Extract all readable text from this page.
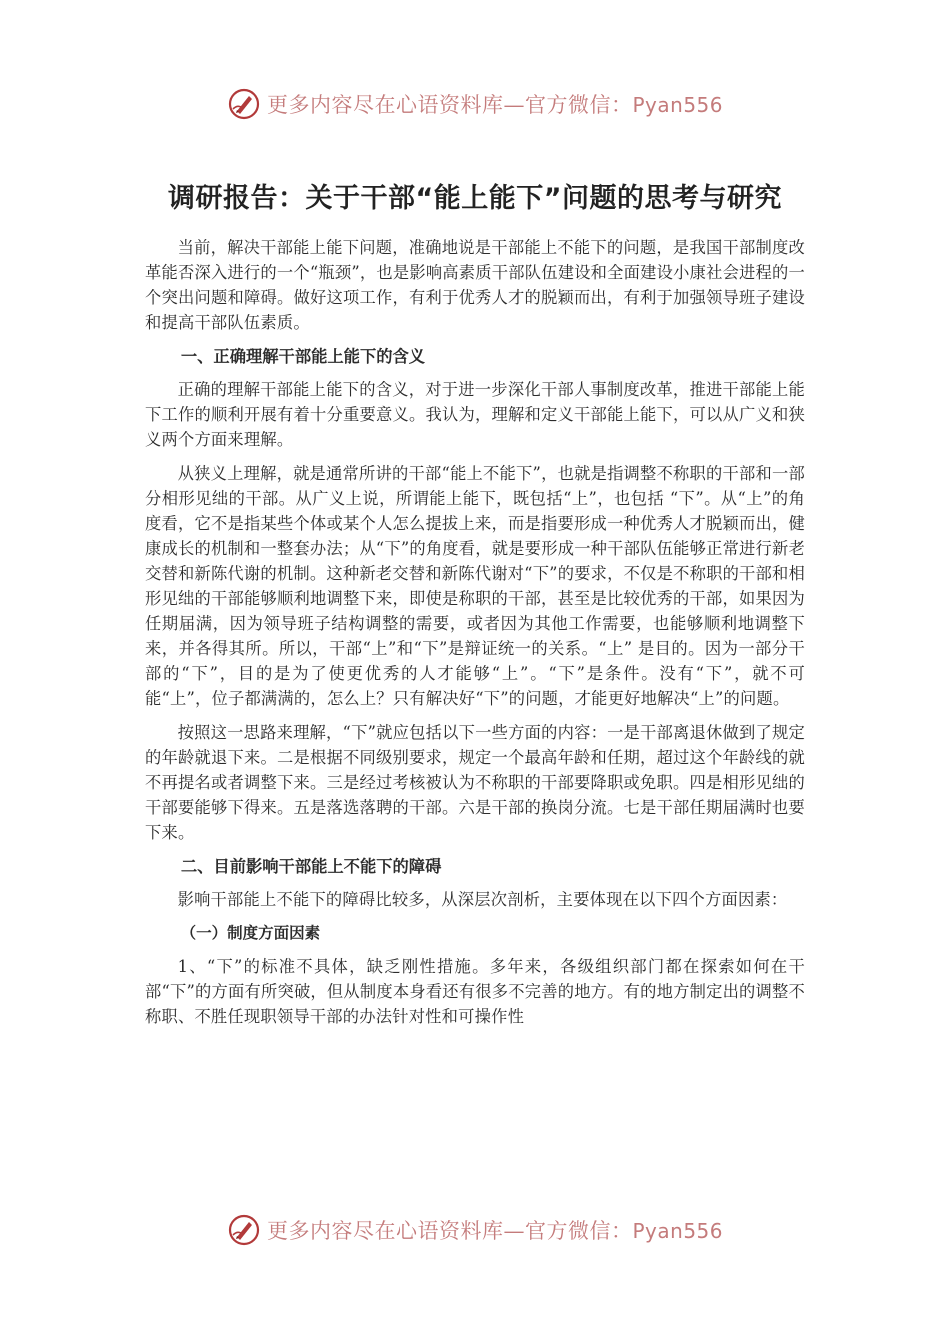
更多内容尽在心语资料库—官方微信：Pyan556
调研报告：关于干部“能上能下”问题的思考与研究

当前，解决干部能上能下问题，准确地说是干部能上不能下的问题，是我国干部制度改革能否深入进行的一个“瓶颈”，也是影响高素质干部队伍建设和全面建设小康社会进程的一个突出问题和障碍。做好这项工作，有利于优秀人才的脱颖而出，有利于加强领导班子建设和提高干部队伍素质。

一、正确理解干部能上能下的含义

正确的理解干部能上能下的含义，对于进一步深化干部人事制度改革，推进干部能上能下工作的顺利开展有着十分重要意义。我认为，理解和定义干部能上能下，可以从广义和狭义两个方面来理解。

从狭义上理解，就是通常所讲的干部“能上不能下”，也就是指调整不称职的干部和一部分相形见绌的干部。从广义上说，所谓能上能下，既包括“上”，也包括 “下”。从“上”的角度看，它不是指某些个体或某个人怎么提拔上来，而是指要形成一种优秀人才脱颖而出，健康成长的机制和一整套办法；从“下”的角度看，就是要形成一种干部队伍能够正常进行新老交替和新陈代谢的机制。这种新老交替和新陈代谢对“下”的要求，不仅是不称职的干部和相形见绌的干部能够顺利地调整下来，即使是称职的干部，甚至是比较优秀的干部，如果因为任期届满，因为领导班子结构调整的需要，或者因为其他工作需要，也能够顺利地调整下来，并各得其所。所以，干部“上”和“下”是辩证统一的关系。“上” 是目的。因为一部分干部的“下”，目的是为了使更优秀的人才能够“上”。“下”是条件。没有“下”，就不可能“上”，位子都满满的，怎么上？只有解决好“下”的问题，才能更好地解决“上”的问题。

按照这一思路来理解，“下”就应包括以下一些方面的内容：一是干部离退休做到了规定的年龄就退下来。二是根据不同级别要求，规定一个最高年龄和任期，超过这个年龄线的就不再提名或者调整下来。三是经过考核被认为不称职的干部要降职或免职。四是相形见绌的干部要能够下得来。五是落选落聘的干部。六是干部的换岗分流。七是干部任期届满时也要下来。

二、目前影响干部能上不能下的障碍

影响干部能上不能下的障碍比较多，从深层次剖析，主要体现在以下四个方面因素：

（一）制度方面因素

1、“下”的标准不具体，缺乏刚性措施。多年来，各级组织部门都在探索如何在干部“下”的方面有所突破，但从制度本身看还有很多不完善的地方。有的地方制定出的调整不称职、不胜任现职领导干部的办法针对性和可操作性

更多内容尽在心语资料库—官方微信：Pyan556
